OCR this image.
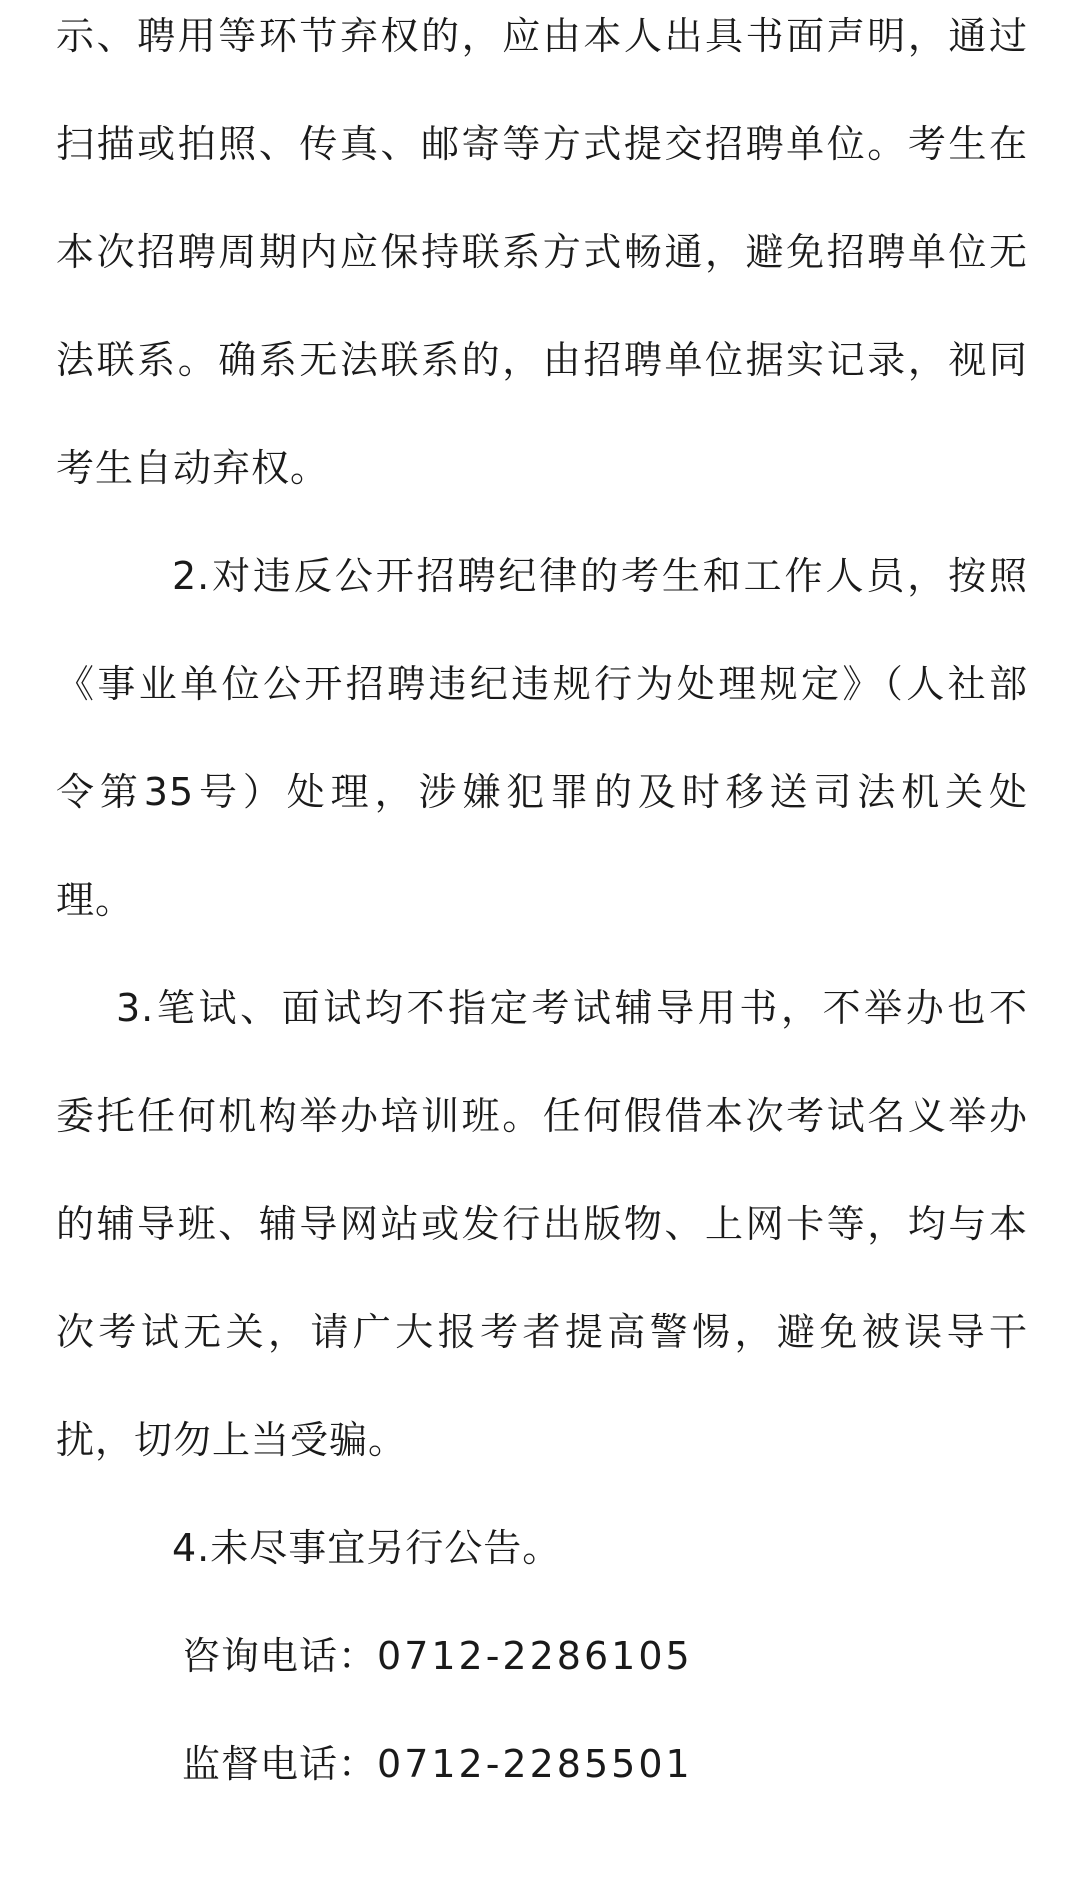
示、聘用等环节弃权的，应由本人出具书面声明，通过
扫描或拍照、传真、邮寄等方式提交招聘单位。考生在
本次招聘周期内应保持联系方式畅通，避免招聘单位无
法联系。确系无法联系的，由招聘单位据实记录，视同
考生自动弃权。
2.对违反公开招聘纪律的考生和工作人员，按照
《事业单位公开招聘违纪违规行为处理规定》（人社部
令第35号）处理，涉嫌犯罪的及时移送司法机关处
理。
3.笔试、面试均不指定考试辅导用书，不举办也不
委托任何机构举办培训班。任何假借本次考试名义举办
的辅导班、辅导网站或发行出版物、上网卡等，均与本
次考试无关，请广大报考者提高警惕，避免被误导干
扰，切勿上当受骗。
4.未尽事宜另行公告。
咨询电话：0712-2286105
监督电话：0712-2285501
